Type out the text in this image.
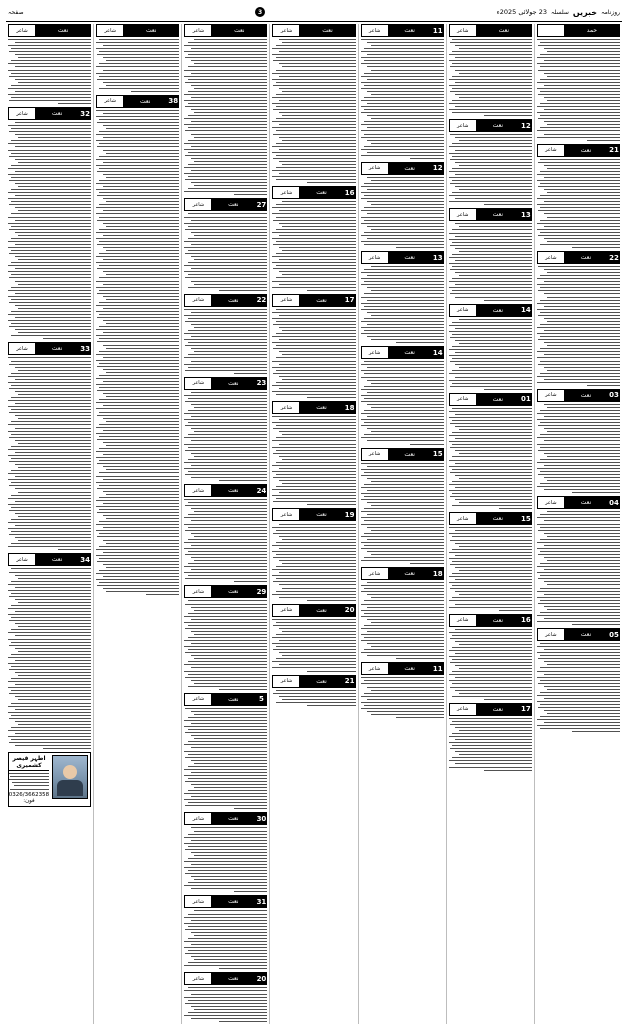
روزنامہ
خبریں
سلسلہ
23 جولائی 2025ء
3
صفحہ
حمد
21
نعت
شاعر
22
نعت
شاعر
03
نعت
شاعر
04
نعت
شاعر
05
نعت
شاعر
نعت
شاعر
12
نعت
شاعر
13
نعت
شاعر
14
نعت
شاعر
01
نعت
شاعر
15
نعت
شاعر
16
نعت
شاعر
17
نعت
شاعر
11
نعت
شاعر
12
نعت
شاعر
13
نعت
شاعر
14
نعت
شاعر
15
نعت
شاعر
18
نعت
شاعر
11
نعت
شاعر
نعت
شاعر
16
نعت
شاعر
17
نعت
شاعر
18
نعت
شاعر
19
نعت
شاعر
20
نعت
شاعر
21
نعت
شاعر
نعت
شاعر
27
نعت
شاعر
22
نعت
شاعر
23
نعت
شاعر
24
نعت
شاعر
29
نعت
شاعر
5
نعت
شاعر
30
نعت
شاعر
31
نعت
شاعر
20
نعت
شاعر
نعت
شاعر
38
نعت
شاعر
نعت
شاعر
32
نعت
شاعر
33
نعت
شاعر
34
نعت
شاعر
اطہر قیصر کشمیری
0326/3662358 :فون
